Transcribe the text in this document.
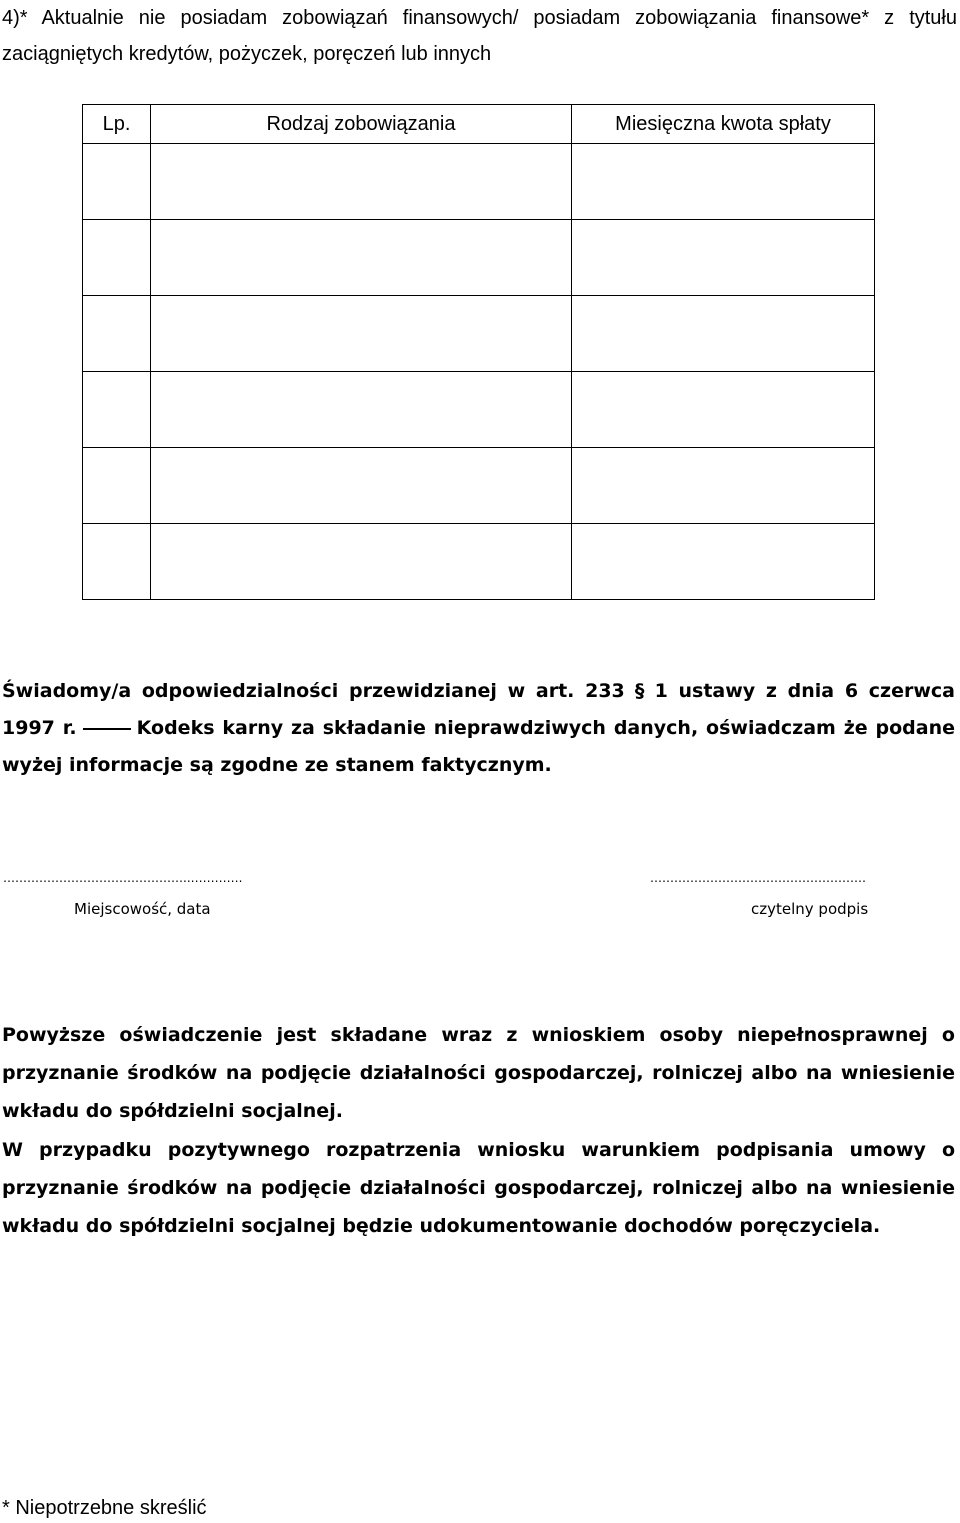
4)* Aktualnie nie posiadam zobowiązań finansowych/ posiadam zobowiązania finansowe* z tytułu zaciągniętych kredytów, pożyczek, poręczeń lub innych

Lp.	Rodzaj zobowiązania	Miesięczna kwota spłaty

Świadomy/a odpowiedzialności przewidzianej w art. 233 § 1 ustawy z dnia 6 czerwca 1997 r.	Kodeks karny za składanie nieprawdziwych danych, oświadczam że podane wyżej informacje są zgodne ze stanem faktycznym.

………………………………………..………….	………………………………………………
Miejscowość, data	czytelny podpis

Powyższe oświadczenie jest składane wraz z wnioskiem osoby niepełnosprawnej o przyznanie środków na podjęcie działalności gospodarczej, rolniczej albo na wniesienie wkładu do spółdzielni socjalnej.

W przypadku pozytywnego rozpatrzenia wniosku warunkiem podpisania umowy o przyznanie środków na podjęcie działalności gospodarczej, rolniczej albo na wniesienie wkładu do spółdzielni socjalnej będzie udokumentowanie dochodów poręczyciela.

* Niepotrzebne skreślić
